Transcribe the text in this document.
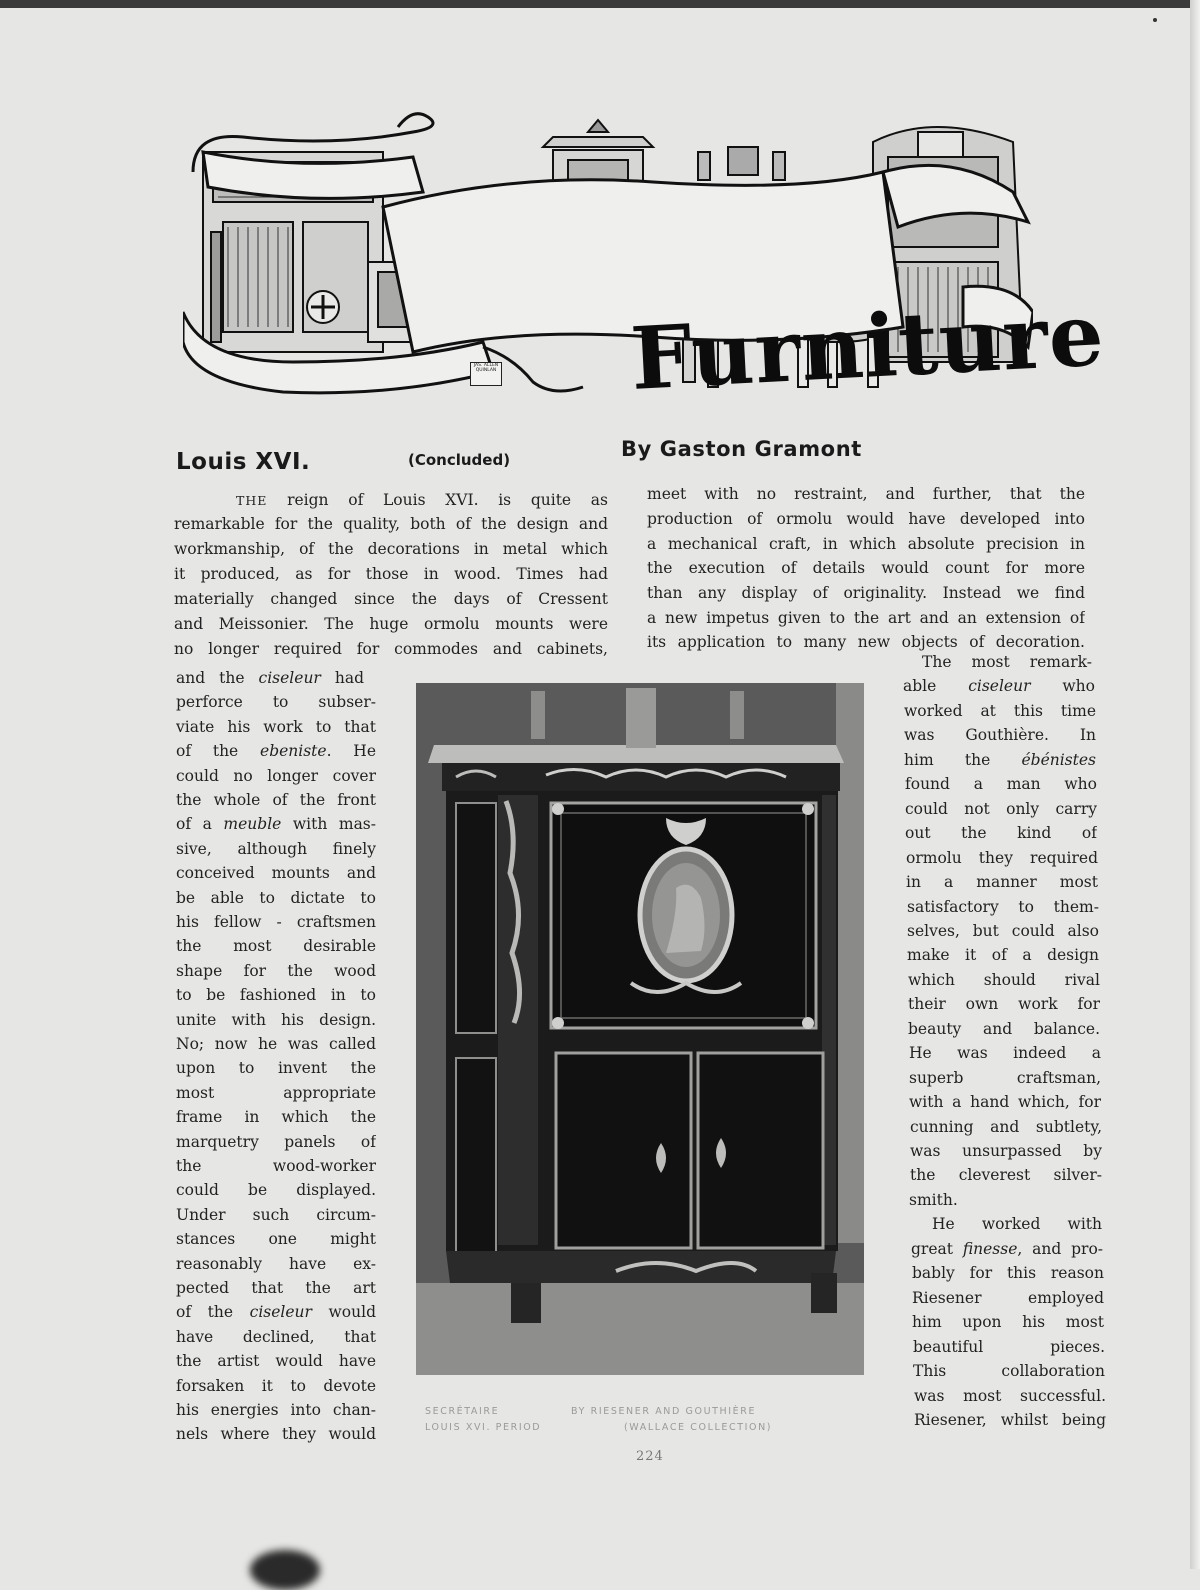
Furniture
JAS. ALLEN QUINLAN
Louis XVI.	(Concluded)	By Gaston Gramont
THE reign of Louis XVI. is quite as
remarkable for the quality, both of the design and
workmanship, of the decorations in metal which
it produced, as for those in wood. Times had
materially changed since the days of Cressent
and Meissonier. The huge ormolu mounts were
no longer required for commodes and cabinets,
meet with no restraint, and further, that the
production of ormolu would have developed into
a mechanical craft, in which absolute precision in
the execution of details would count for more
than any display of originality. Instead we find
a new impetus given to the art and an extension of
its application to many new objects of decoration.
SECRÉTAIRE
LOUIS XVI. PERIOD
BY RIESENER AND GOUTHIÈRE
(WALLACE COLLECTION)
224
and the ciseleur had
perforce to subser-
viate his work to that
of the ebeniste. He
could no longer cover
the whole of the front
of a meuble with mas-
sive, although finely
conceived mounts and
be able to dictate to
his fellow - craftsmen
the most desirable
shape for the wood
to be fashioned in to
unite with his design.
No; now he was called
upon to invent the
most appropriate
frame in which the
marquetry panels of
the wood-worker
could be displayed.
Under such circum-
stances one might
reasonably have ex-
pected that the art
of the ciseleur would
have declined, that
the artist would have
forsaken it to devote
his energies into chan-
nels where they would
The most remark-
able ciseleur who
worked at this time
was Gouthière. In
him the ébénistes
found a man who
could not only carry
out the kind of
ormolu they required
in a manner most
satisfactory to them-
selves, but could also
make it of a design
which should rival
their own work for
beauty and balance.
He was indeed a
superb craftsman,
with a hand which, for
cunning and subtlety,
was unsurpassed by
the cleverest silver-
smith.
He worked with
great finesse, and pro-
bably for this reason
Riesener employed
him upon his most
beautiful pieces.
This collaboration
was most successful.
Riesener, whilst being
